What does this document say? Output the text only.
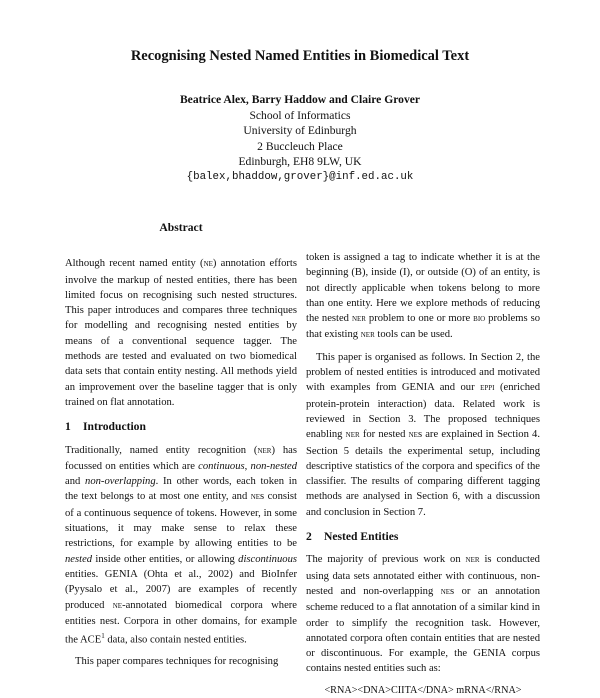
Recognising Nested Named Entities in Biomedical Text
Beatrice Alex, Barry Haddow and Claire Grover
School of Informatics
University of Edinburgh
2 Buccleuch Place
Edinburgh, EH8 9LW, UK
{balex,bhaddow,grover}@inf.ed.ac.uk
Abstract
Although recent named entity (ne) annotation efforts involve the markup of nested entities, there has been limited focus on recognising such nested structures. This paper introduces and compares three techniques for modelling and recognising nested entities by means of a conventional sequence tagger. The methods are tested and evaluated on two biomedical data sets that contain entity nesting. All methods yield an improvement over the baseline tagger that is only trained on flat annotation.
1 Introduction
Traditionally, named entity recognition (ner) has focussed on entities which are continuous, non-nested and non-overlapping. In other words, each token in the text belongs to at most one entity, and nes consist of a continuous sequence of tokens. However, in some situations, it may make sense to relax these restrictions, for example by allowing entities to be nested inside other entities, or allowing discontinuous entities. GENIA (Ohta et al., 2002) and BioInfer (Pyysalo et al., 2007) are examples of recently produced ne-annotated biomedical corpora where entities nest. Corpora in other domains, for example the ACE$^1$ data, also contain nested entities.
This paper compares techniques for recognising
token is assigned a tag to indicate whether it is at the beginning (B), inside (I), or outside (O) of an entity, is not directly applicable when tokens belong to more than one entity. Here we explore methods of reducing the nested ner problem to one or more bio problems so that existing ner tools can be used.
This paper is organised as follows. In Section 2, the problem of nested entities is introduced and motivated with examples from GENIA and our eppi (enriched protein-protein interaction) data. Related work is reviewed in Section 3. The proposed techniques enabling ner for nested nes are explained in Section 4. Section 5 details the experimental setup, including descriptive statistics of the corpora and specifics of the classifier. The results of comparing different tagging methods are analysed in Section 6, with a discussion and conclusion in Section 7.
2 Nested Entities
The majority of previous work on ner is conducted using data sets annotated either with continuous, non-nested and non-overlapping nes or an annotation scheme reduced to a flat annotation of a similar kind in order to simplify the recognition task. However, annotated corpora often contain entities that are nested or discontinuous. For example, the GENIA corpus contains nested entities such as:
<RNA><DNA>CIITA</DNA> mRNA</RNA>
